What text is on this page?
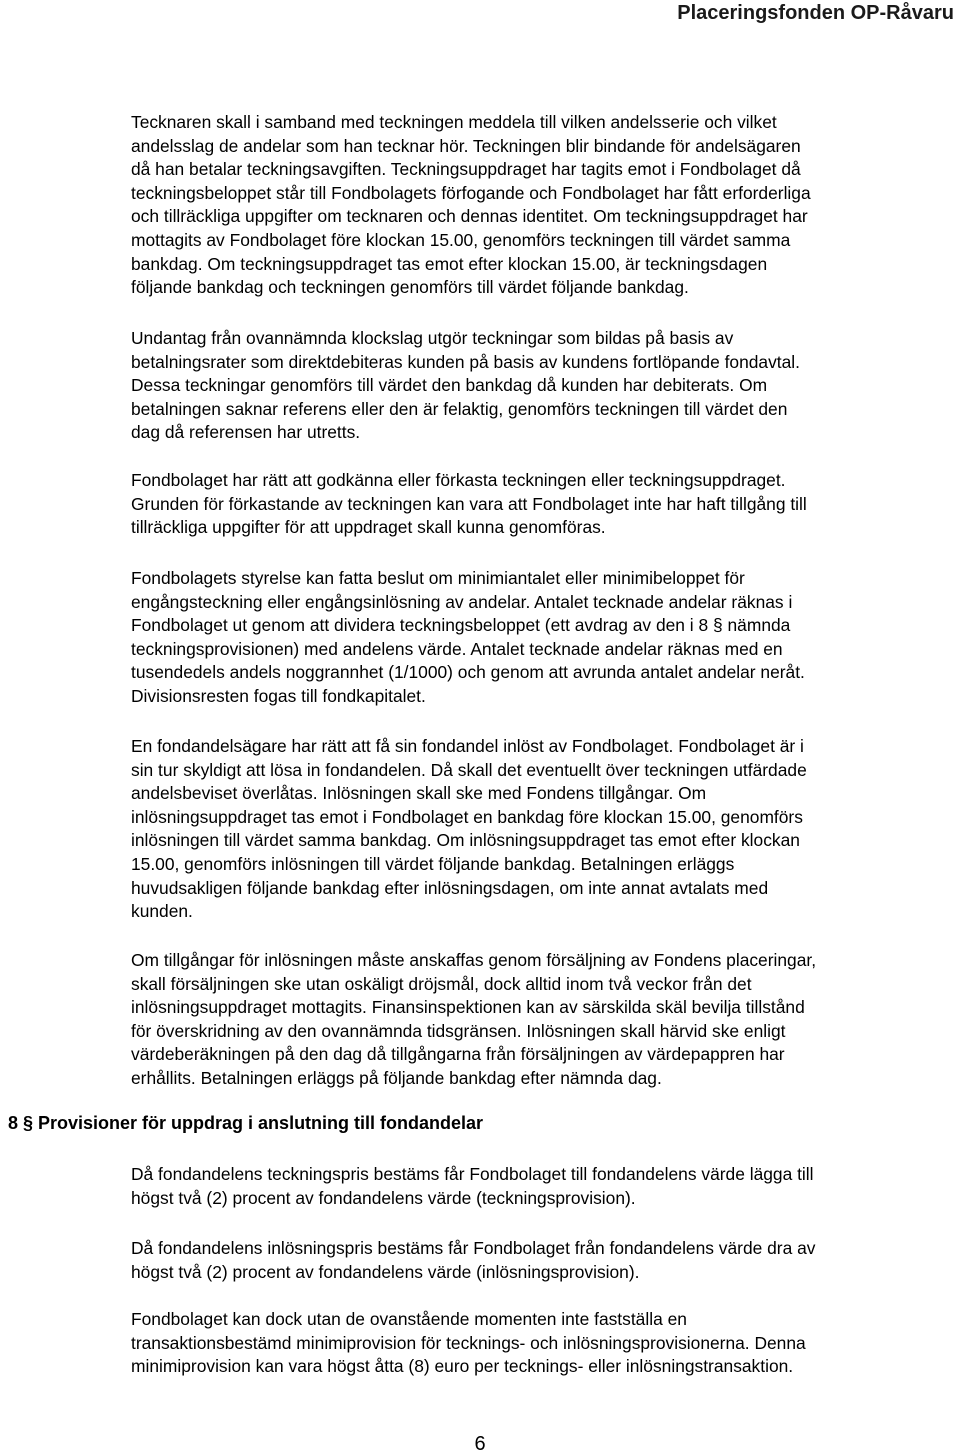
Placeringsfonden OP-Råvaru

Tecknaren skall i samband med teckningen meddela till vilken andelsserie och vilket
andelsslag de andelar som han tecknar hör. Teckningen blir bindande för andelsägaren
då han betalar teckningsavgiften. Teckningsuppdraget har tagits emot i Fondbolaget då
teckningsbeloppet står till Fondbolagets förfogande och Fondbolaget har fått erforderliga
och tillräckliga uppgifter om tecknaren och dennas identitet. Om teckningsuppdraget har
mottagits av Fondbolaget före klockan 15.00, genomförs teckningen till värdet samma
bankdag. Om teckningsuppdraget tas emot efter klockan 15.00, är teckningsdagen
följande bankdag och teckningen genomförs till värdet följande bankdag.

Undantag från ovannämnda klockslag utgör teckningar som bildas på basis av
betalningsrater som direktdebiteras kunden på basis av kundens fortlöpande fondavtal.
Dessa teckningar genomförs till värdet den bankdag då kunden har debiterats. Om
betalningen saknar referens eller den är felaktig, genomförs teckningen till värdet den
dag då referensen har utretts.

Fondbolaget har rätt att godkänna eller förkasta teckningen eller teckningsuppdraget.
Grunden för förkastande av teckningen kan vara att Fondbolaget inte har haft tillgång till
tillräckliga uppgifter för att uppdraget skall kunna genomföras.

Fondbolagets styrelse kan fatta beslut om minimiantalet eller minimibeloppet för
engångsteckning eller engångsinlösning av andelar. Antalet tecknade andelar räknas i
Fondbolaget ut genom att dividera teckningsbeloppet (ett avdrag av den i 8 § nämnda
teckningsprovisionen) med andelens värde. Antalet tecknade andelar räknas med en
tusendedels andels noggrannhet (1/1000) och genom att avrunda antalet andelar neråt.
Divisionsresten fogas till fondkapitalet.

En fondandelsägare har rätt att få sin fondandel inlöst av Fondbolaget. Fondbolaget är i
sin tur skyldigt att lösa in fondandelen. Då skall det eventuellt över teckningen utfärdade
andelsbeviset överlåtas. Inlösningen skall ske med Fondens tillgångar. Om
inlösningsuppdraget tas emot i Fondbolaget en bankdag före klockan 15.00, genomförs
inlösningen till värdet samma bankdag. Om inlösningsuppdraget tas emot efter klockan
15.00, genomförs inlösningen till värdet följande bankdag. Betalningen erläggs
huvudsakligen följande bankdag efter inlösningsdagen, om inte annat avtalats med
kunden.

Om tillgångar för inlösningen måste anskaffas genom försäljning av Fondens placeringar,
skall försäljningen ske utan oskäligt dröjsmål, dock alltid inom två veckor från det
inlösningsuppdraget mottagits. Finansinspektionen kan av särskilda skäl bevilja tillstånd
för överskridning av den ovannämnda tidsgränsen. Inlösningen skall härvid ske enligt
värdeberäkningen på den dag då tillgångarna från försäljningen av värdepappren har
erhållits. Betalningen erläggs på följande bankdag efter nämnda dag.

8 § Provisioner för uppdrag i anslutning till fondandelar

Då fondandelens teckningspris bestäms får Fondbolaget till fondandelens värde lägga till
högst två (2) procent av fondandelens värde (teckningsprovision).

Då fondandelens inlösningspris bestäms får Fondbolaget från fondandelens värde dra av
högst två (2) procent av fondandelens värde (inlösningsprovision).

Fondbolaget kan dock utan de ovanstående momenten inte fastställa en
transaktionsbestämd minimiprovision för tecknings- och inlösningsprovisionerna. Denna
minimiprovision kan vara högst åtta (8) euro per tecknings- eller inlösningstransaktion.

6
